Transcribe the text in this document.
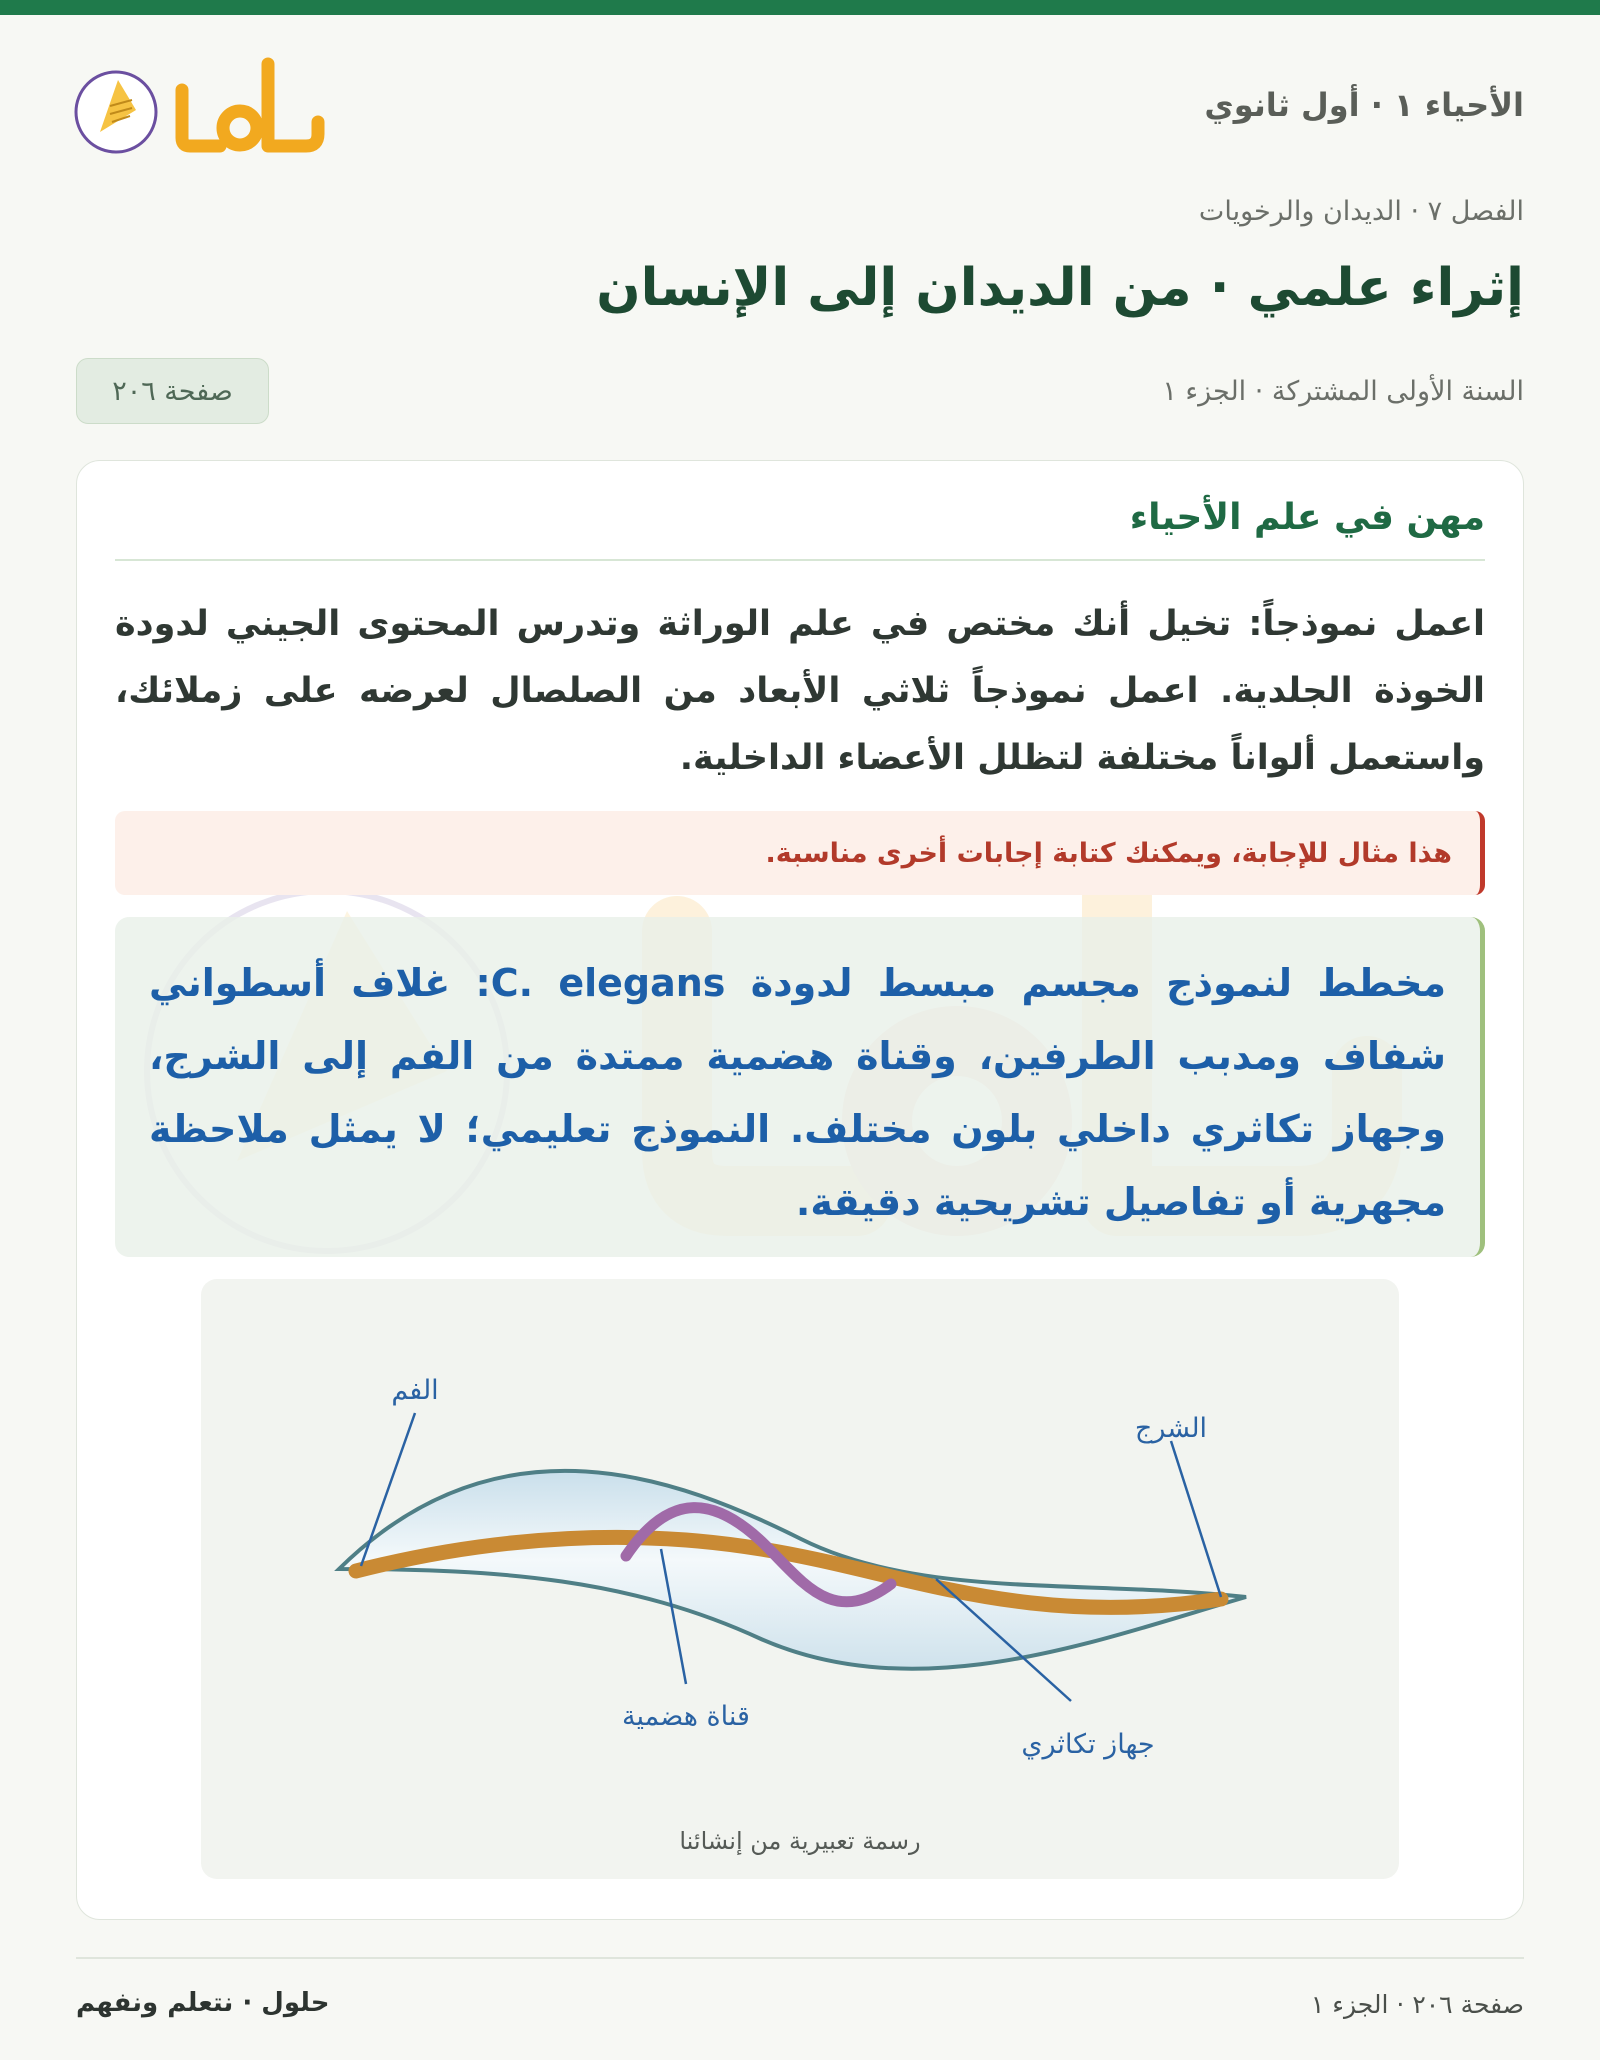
الأحياء ١ · أول ثانوي
الفصل ٧ · الديدان والرخويات
إثراء علمي · من الديدان إلى الإنسان
السنة الأولى المشتركة · الجزء ١
صفحة ٢٠٦
مهن في علم الأحياء

اعمل نموذجاً: تخيل أنك مختص في علم الوراثة وتدرس المحتوى الجيني لدودة الخوذة الجلدية. اعمل نموذجاً ثلاثي الأبعاد من الصلصال لعرضه على زملائك، واستعمل ألواناً مختلفة لتظلل الأعضاء الداخلية.

هذا مثال للإجابة، ويمكنك كتابة إجابات أخرى مناسبة.
مخطط لنموذج مجسم مبسط لدودة C. elegans: غلاف أسطواني شفاف ومدبب الطرفين، وقناة هضمية ممتدة من الفم إلى الشرج، وجهاز تكاثري داخلي بلون مختلف. النموذج تعليمي؛ لا يمثل ملاحظة مجهرية أو تفاصيل تشريحية دقيقة.
الفم
الشرج
قناة هضمية
جهاز تكاثري
رسمة تعبيرية من إنشائنا
صفحة ٢٠٦ · الجزء ١
حلول · نتعلم ونفهم
